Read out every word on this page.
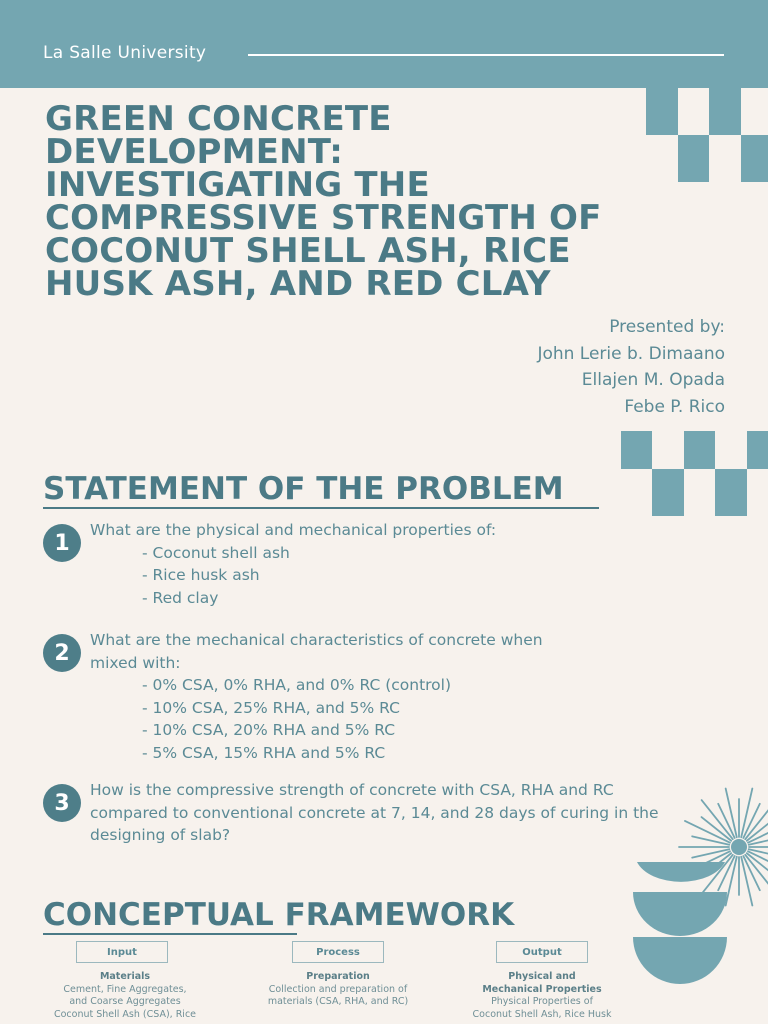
La Salle University
GREEN CONCRETE DEVELOPMENT: INVESTIGATING THE COMPRESSIVE STRENGTH OF COCONUT SHELL ASH, RICE HUSK ASH, AND RED CLAY
Presented by:
John Lerie b. Dimaano
Ellajen M. Opada
Febe P. Rico
STATEMENT OF THE PROBLEM
1
What are the physical and mechanical properties of:
- Coconut shell ash
- Rice husk ash
- Red clay
2
What are the mechanical characteristics of concrete when mixed with:
- 0% CSA, 0% RHA, and 0% RC (control)
- 10% CSA, 25% RHA, and 5% RC
- 10% CSA, 20% RHA and 5% RC
- 5% CSA, 15% RHA and 5% RC
3
How is the compressive strength of concrete with CSA, RHA and RC compared to conventional concrete at 7, 14, and 28 days of curing in the designing of slab?
CONCEPTUAL FRAMEWORK
Input	Process	Output
Materials
Cement, Fine Aggregates,
and Coarse Aggregates
Coconut Shell Ash (CSA), Rice
Preparation
Collection and preparation of
materials (CSA, RHA, and RC)
Physical and Mechanical Properties
Physical Properties of
Coconut Shell Ash, Rice Husk
